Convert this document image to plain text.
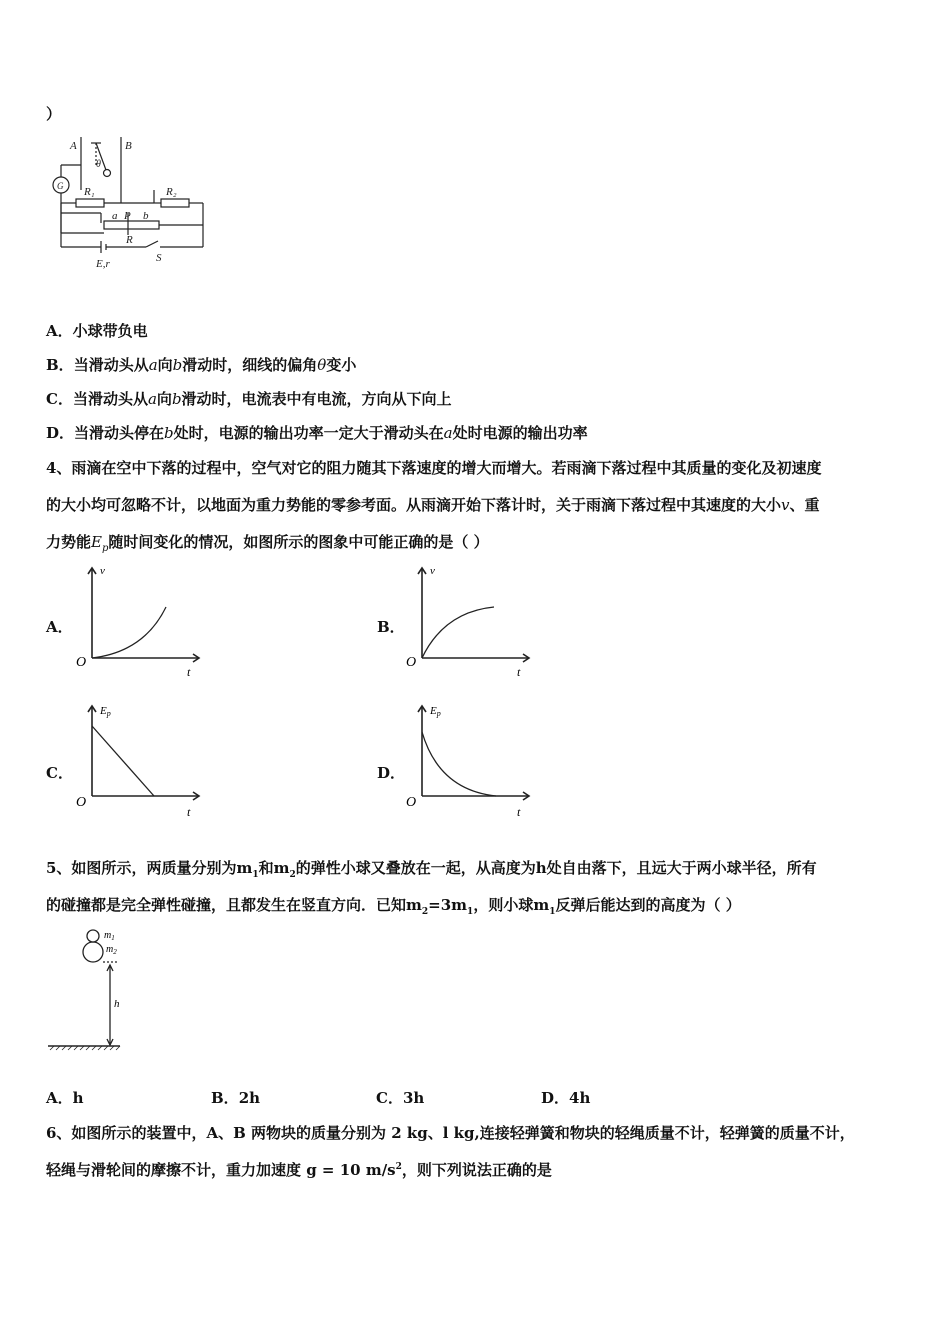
）
A	B
θ
G R₁	R₂
a P b
R
E,r	S
A．小球带负电
B．当滑动头从a向b滑动时，细线的偏角θ变小
C．当滑动头从a向b滑动时，电流表中有电流，方向从下向上
D．当滑动头停在b处时，电源的输出功率一定大于滑动头在a处时电源的输出功率
4、雨滴在空中下落的过程中，空气对它的阻力随其下落速度的增大而增大。若雨滴下落过程中其质量的变化及初速度
的大小均可忽略不计，以地面为重力势能的零参考面。从雨滴开始下落计时，关于雨滴下落过程中其速度的大小v、重
力势能$E_p$随时间变化的情况，如图所示的图象中可能正确的是（ ）
A．
O
v
t
B．
O
v
t
C．
O
Ep
t
D．
O
Ep
t
5、如图所示，两质量分别为$m_1$和$m_2$的弹性小球又叠放在一起，从高度为h处自由落下，且远大于两小球半径，所有
的碰撞都是完全弹性碰撞，且都发生在竖直方向．已知$m_2=3m_1$，则小球$m_1$反弹后能达到的高度为（ ）
$m_1$
$m_2$
h
A．h	B．2h	C．3h	D．4h
6、如图所示的装置中，A、B 两物块的质量分别为 2 kg、l kg,连接轻弹簧和物块的轻绳质量不计，轻弹簧的质量不计，
轻绳与滑轮间的摩擦不计，重力加速度 g = 10 $m/s^2$，则下列说法正确的是
